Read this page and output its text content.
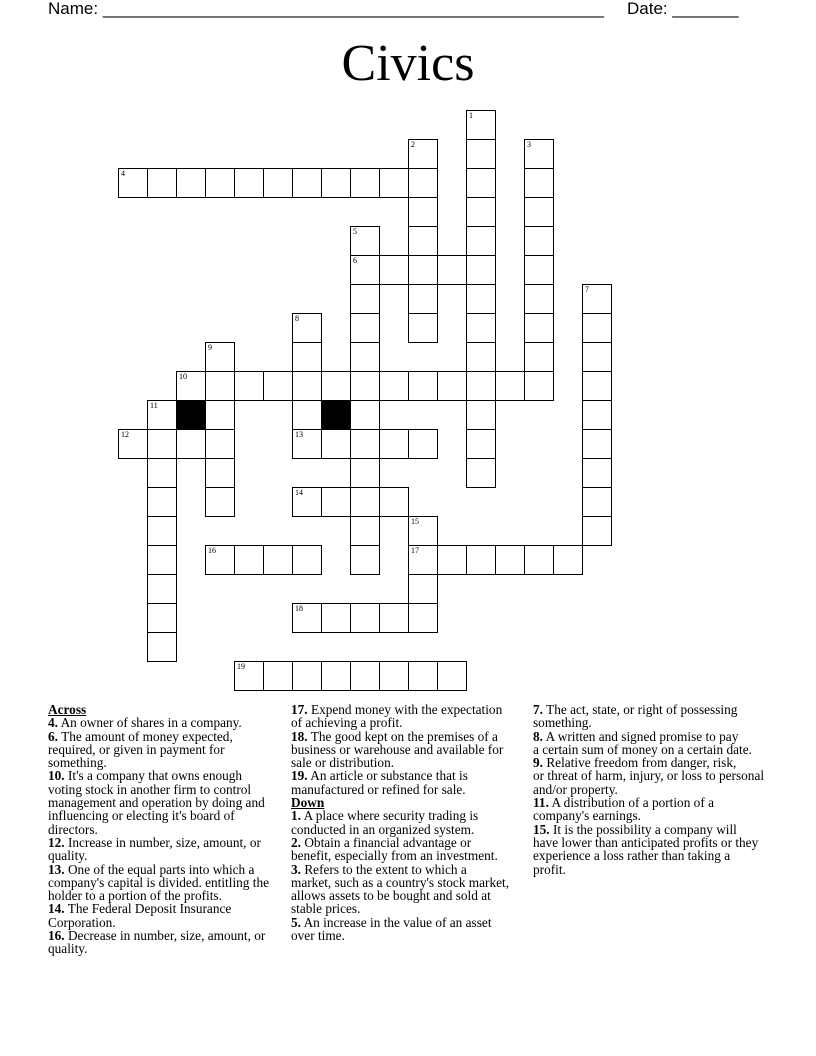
Name: _____________________________________________________ Date: _______
Civics
1
2	3
4
5
6
7
8
13
9
10
11
12
14
15
17
16
18
19
Across
4. An owner of shares in a company.
6. The amount of money expected,
required, or given in payment for
something.
10. It's a company that owns enough
voting stock in another firm to control
management and operation by doing and
influencing or electing it's board of
directors.
12. Increase in number, size, amount, or
quality.
13. One of the equal parts into which a
company's capital is divided. entitling the
holder to a portion of the profits.
14. The Federal Deposit Insurance
Corporation.
16. Decrease in number, size, amount, or
quality.
17. Expend money with the expectation
of achieving a profit.
18. The good kept on the premises of a
business or warehouse and available for
sale or distribution.
19. An article or substance that is
manufactured or refined for sale.
Down
1. A place where security trading is
conducted in an organized system.
2. Obtain a financial advantage or
benefit, especially from an investment.
3. Refers to the extent to which a
market, such as a country's stock market,
allows assets to be bought and sold at
stable prices.
5. An increase in the value of an asset
over time.
7. The act, state, or right of possessing
something.
8. A written and signed promise to pay
a certain sum of money on a certain date.
9. Relative freedom from danger, risk,
or threat of harm, injury, or loss to personal
and/or property.
11. A distribution of a portion of a
company's earnings.
15. It is the possibility a company will
have lower than anticipated profits or they
experience a loss rather than taking a
profit.
